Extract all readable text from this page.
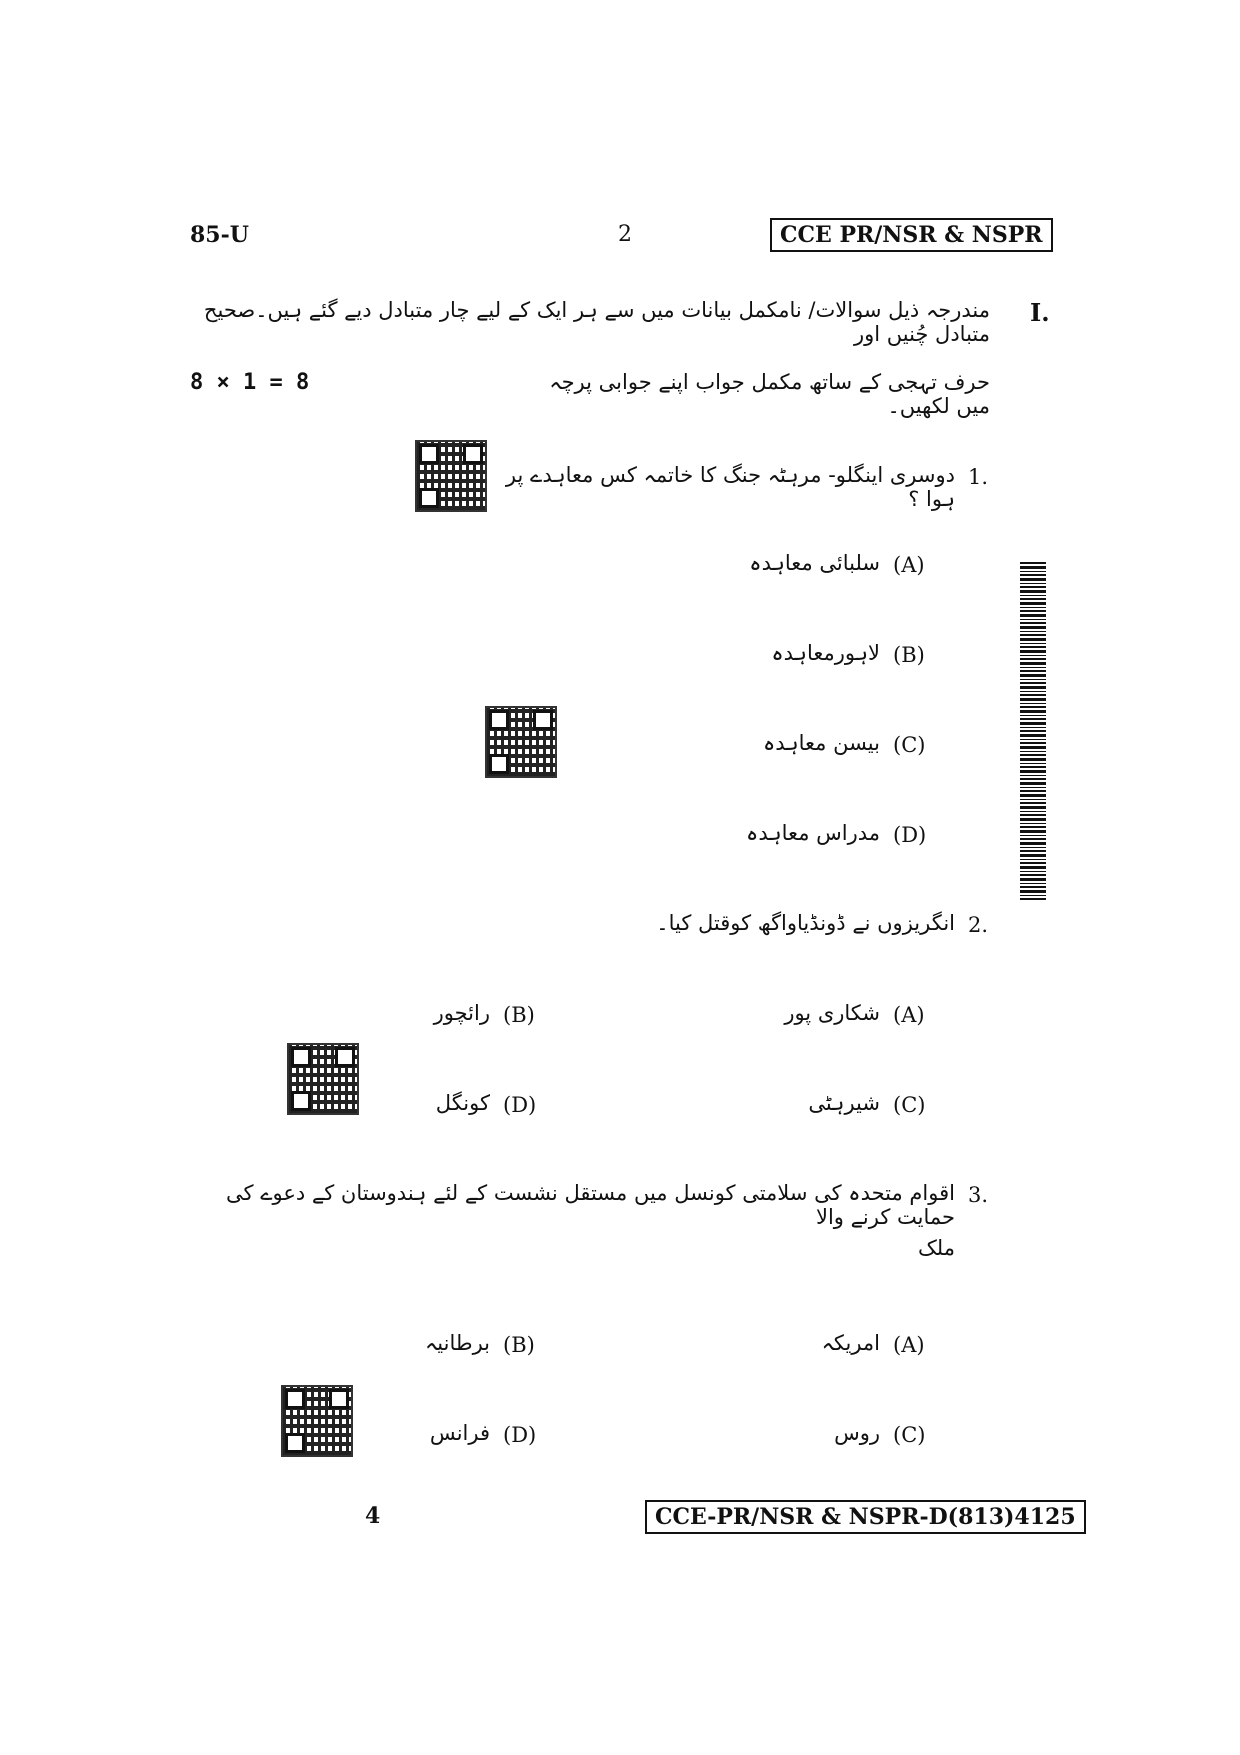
85-U	2	CCE PR/NSR & NSPR
I.
مندرجہ ذیل سوالات/ نامکمل بیانات میں سے ہر ایک کے لیے چار متبادل دیے گئے ہیں۔صحیح متبادل چُنیں اور
حرف تہجی کے ساتھ مکمل جواب اپنے جوابی پرچہ میں لکھیں۔
8 × 1 = 8
1.
دوسری اینگلو- مرہٹہ جنگ کا خاتمہ کس معاہدے پر ہوا ؟
(A)
سلبائی معاہدہ
(B)
لاہورمعاہدہ
(C)
بیسن معاہدہ
(D)
مدراس معاہدہ
2.
انگریزوں نے ڈونڈیاواگھ کوقتل کیا۔
(A)
شکاری پور
(B)
رائچور
(C)
شیرہٹی
(D)
کونگل
3.
اقوام متحدہ کی سلامتی کونسل میں مستقل نشست کے لئے ہندوستان کے دعوے کی حمایت کرنے والا
ملک
(A)
امریکہ
(B)
برطانیہ
(C)
روس
(D)
فرانس
4	CCE-PR/NSR & NSPR-D(813)4125
